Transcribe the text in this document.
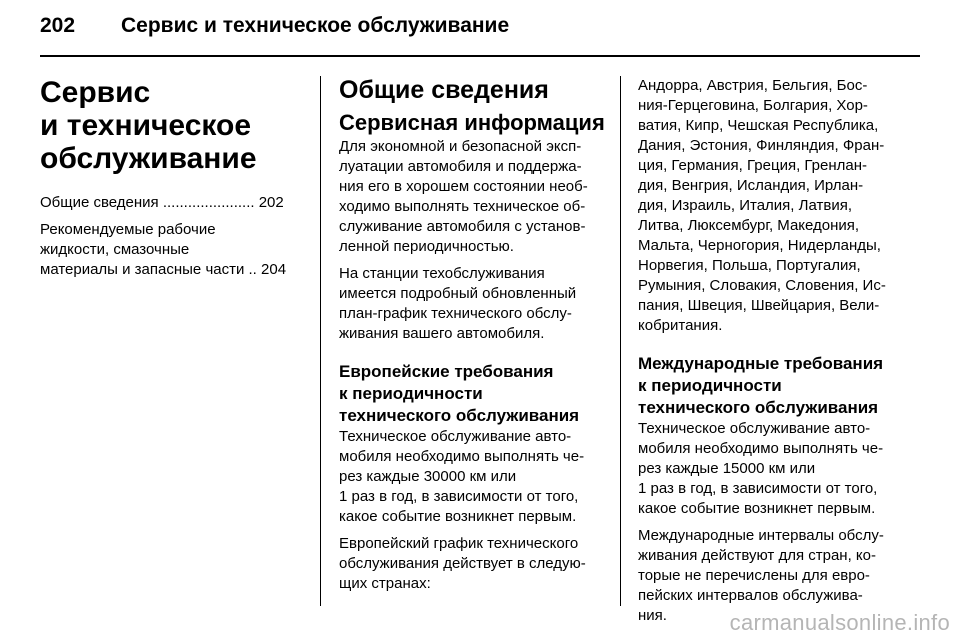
202 Сервис и техническое обслуживание
Сервис
и техническое
обслуживание
Общие сведения ...................... 202
Рекомендуемые рабочие
жидкости, смазочные
материалы и запасные части .. 204
Общие сведения
Сервисная информация
Для экономной и безопасной эксп-
луатации автомобиля и поддержа-
ния его в хорошем состоянии необ-
ходимо выполнять техническое об-
служивание автомобиля с установ-
ленной периодичностью.
На станции техобслуживания
имеется подробный обновленный
план-график технического обслу-
живания вашего автомобиля.
Европейские требования
к периодичности
технического обслуживания
Техническое обслуживание авто-
мобиля необходимо выполнять че-
рез каждые 30000 км или
1 раз в год, в зависимости от того,
какое событие возникнет первым.
Европейский график технического
обслуживания действует в следую-
щих странах:
Андорра, Австрия, Бельгия, Бос-
ния-Герцеговина, Болгария, Хор-
ватия, Кипр, Чешская Республика,
Дания, Эстония, Финляндия, Фран-
ция, Германия, Греция, Гренлан-
дия, Венгрия, Исландия, Ирлан-
дия, Израиль, Италия, Латвия,
Литва, Люксембург, Македония,
Мальта, Черногория, Нидерланды,
Норвегия, Польша, Португалия,
Румыния, Словакия, Словения, Ис-
пания, Швеция, Швейцария, Вели-
кобритания.
Международные требования
к периодичности
технического обслуживания
Техническое обслуживание авто-
мобиля необходимо выполнять че-
рез каждые 15000 км или
1 раз в год, в зависимости от того,
какое событие возникнет первым.
Международные интервалы обслу-
живания действуют для стран, ко-
торые не перечислены для евро-
пейских интервалов обслужива-
ния.	carmanualsonline.info
